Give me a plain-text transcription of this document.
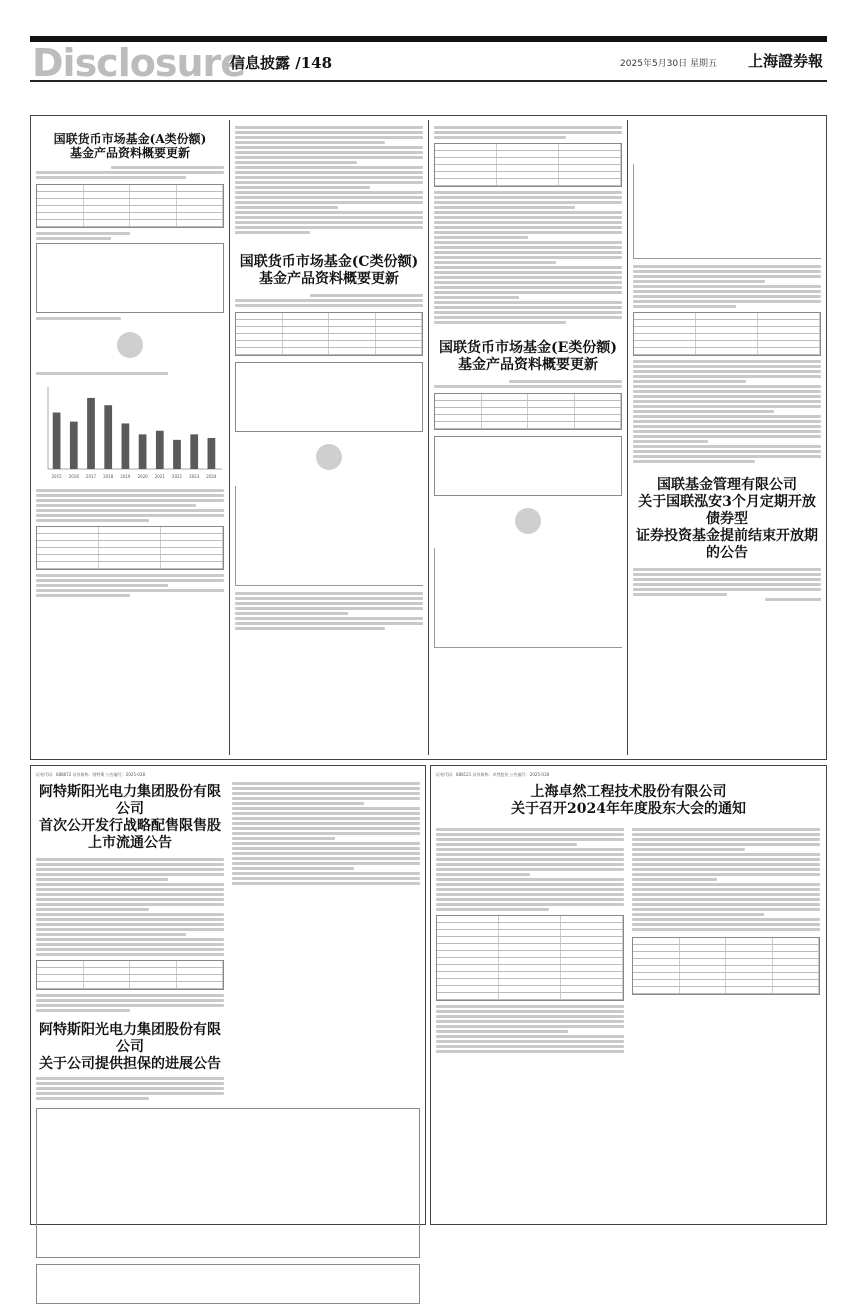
Disclosure
信息披露 /148	2025年5月30日 星期五 上海證券報
国联货币市场基金(A类份额)
基金产品资料概要更新
2015 2016 2017 2018 2019 2020 2021 2022 2023 2024
国联货币市场基金(C类份额)
基金产品资料概要更新
国联货币市场基金(E类份额)
基金产品资料概要更新
国联基金管理有限公司
关于国联泓安3个月定期开放债券型
证券投资基金提前结束开放期的公告
证券代码：688672 证券简称：阿特斯 公告编号：2025-028
阿特斯阳光电力集团股份有限公司
首次公开发行战略配售限售股
上市流通公告
阿特斯阳光电力集团股份有限公司
关于公司提供担保的进展公告
证券代码：688121 证券简称：卓然股份 公告编号：2025-018
上海卓然工程技术股份有限公司
关于召开2024年年度股东大会的通知
